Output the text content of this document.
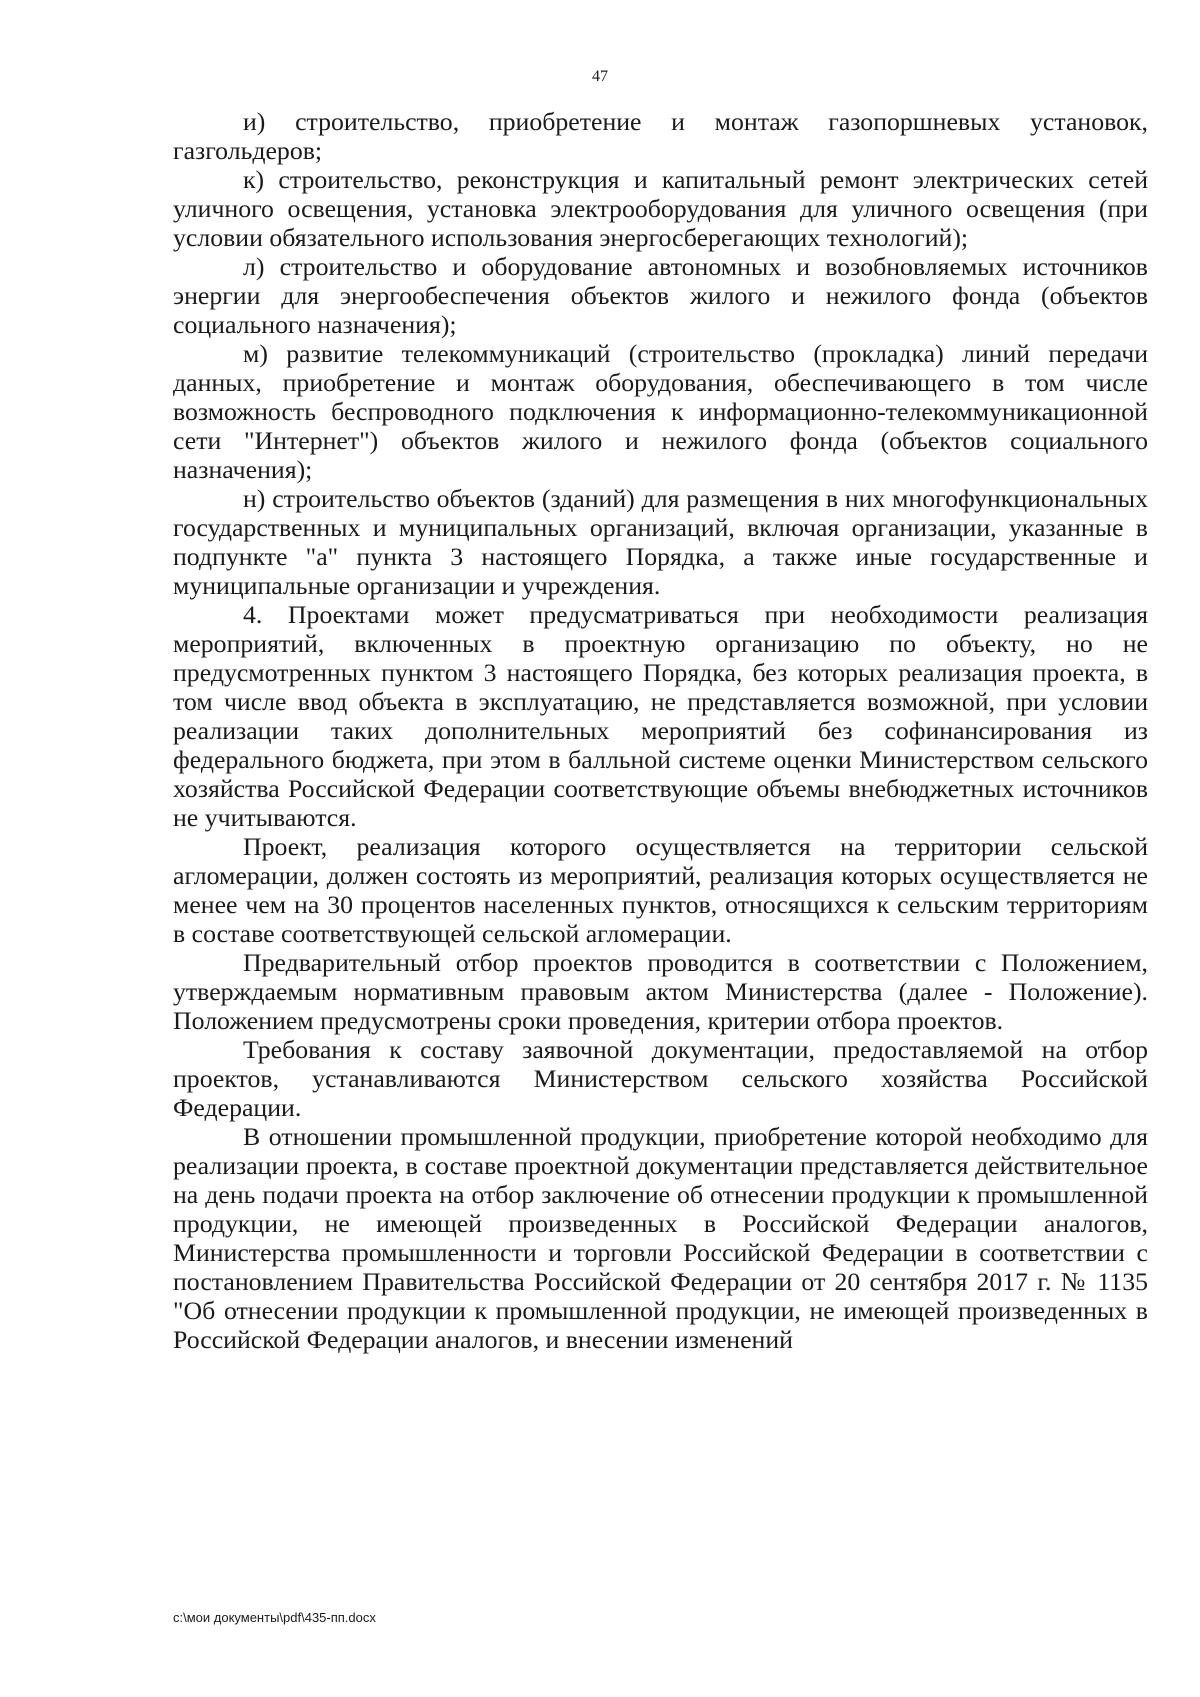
47

и) строительство, приобретение и монтаж газопоршневых установок, газгольдеров;

к) строительство, реконструкция и капитальный ремонт электрических сетей уличного освещения, установка электрооборудования для уличного освещения (при условии обязательного использования энергосберегающих технологий);

л) строительство и оборудование автономных и возобновляемых источников энергии для энергообеспечения объектов жилого и нежилого фонда (объектов социального назначения);

м) развитие телекоммуникаций (строительство (прокладка) линий передачи данных, приобретение и монтаж оборудования, обеспечивающего в том числе возможность беспроводного подключения к информационно-телекоммуникационной сети "Интернет") объектов жилого и нежилого фонда (объектов социального назначения);

н) строительство объектов (зданий) для размещения в них многофункциональных государственных и муниципальных организаций, включая организации, указанные в подпункте "а" пункта 3 настоящего Порядка, а также иные государственные и муниципальные организации и учреждения.

4. Проектами может предусматриваться при необходимости реализация мероприятий, включенных в проектную организацию по объекту, но не предусмотренных пунктом 3 настоящего Порядка, без которых реализация проекта, в том числе ввод объекта в эксплуатацию, не представляется возможной, при условии реализации таких дополнительных мероприятий без софинансирования из федерального бюджета, при этом в балльной системе оценки Министерством сельского хозяйства Российской Федерации соответствующие объемы внебюджетных источников не учитываются.

Проект, реализация которого осуществляется на территории сельской агломерации, должен состоять из мероприятий, реализация которых осуществляется не менее чем на 30 процентов населенных пунктов, относящихся к сельским территориям в составе соответствующей сельской агломерации.

Предварительный отбор проектов проводится в соответствии с Положением, утверждаемым нормативным правовым актом Министерства (далее - Положение). Положением предусмотрены сроки проведения, критерии отбора проектов.

Требования к составу заявочной документации, предоставляемой на отбор проектов, устанавливаются Министерством сельского хозяйства Российской Федерации.

В отношении промышленной продукции, приобретение которой необходимо для реализации проекта, в составе проектной документации представляется действительное на день подачи проекта на отбор заключение об отнесении продукции к промышленной продукции, не имеющей произведенных в Российской Федерации аналогов, Министерства промышленности и торговли Российской Федерации в соответствии с постановлением Правительства Российской Федерации от 20 сентября 2017 г. № 1135 "Об отнесении продукции к промышленной продукции, не имеющей произведенных в Российской Федерации аналогов, и внесении изменений

c:\мои документы\pdf\435-пп.docx
